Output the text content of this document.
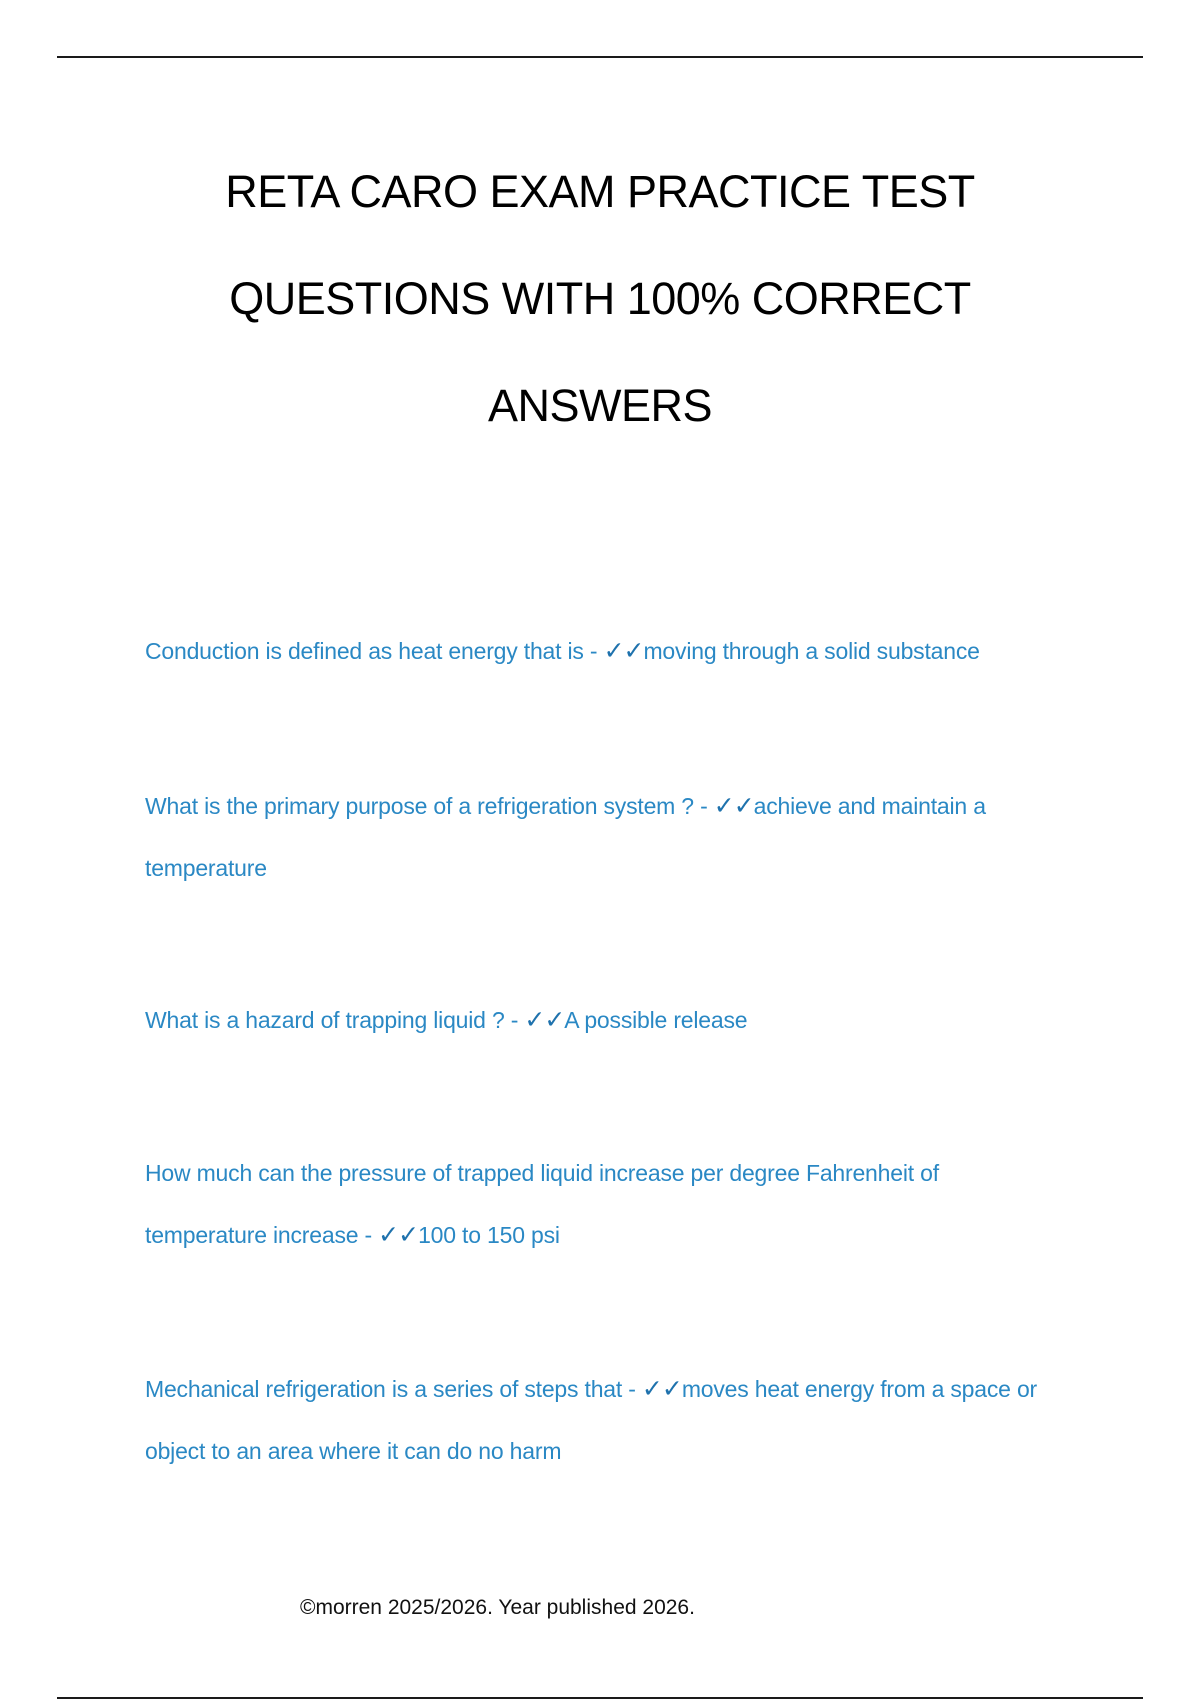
RETA CARO EXAM PRACTICE TEST
QUESTIONS WITH 100% CORRECT
ANSWERS
Conduction is defined as heat energy that is - ✓✓moving through a solid substance
What is the primary purpose of a refrigeration system ? - ✓✓achieve and maintain a temperature
What is a hazard of trapping liquid ? - ✓✓A possible release
How much can the pressure of trapped liquid increase per degree Fahrenheit of temperature increase - ✓✓100 to 150 psi
Mechanical refrigeration is a series of steps that - ✓✓moves heat energy from a space or object to an area where it can do no harm
©morren 2025/2026. Year published 2026.
